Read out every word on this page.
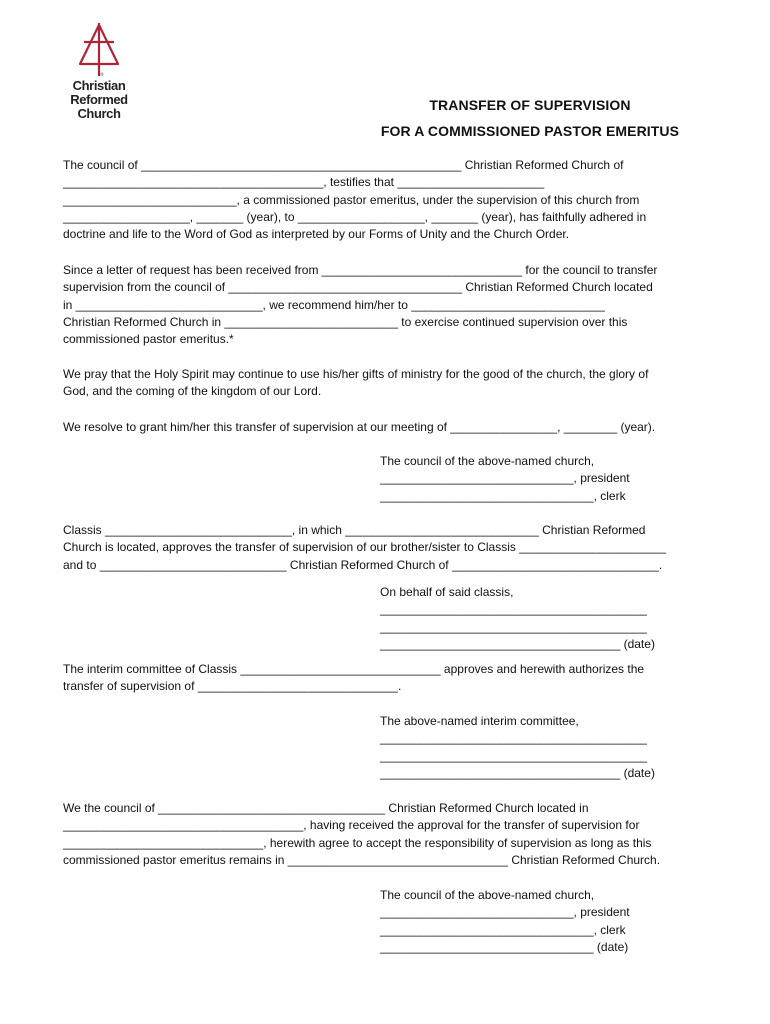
®
Christian
Reformed
Church
TRANSFER OF SUPERVISION
FOR A COMMISSIONED PASTOR EMERITUS
The council of ________________________________________________ Christian Reformed Church of
_______________________________________, testifies that ______________________
__________________________, a commissioned pastor emeritus, under the supervision of this church from
___________________, _______ (year), to ___________________, _______ (year), has faithfully adhered in
doctrine and life to the Word of God as interpreted by our Forms of Unity and the Church Order.
Since a letter of request has been received from ______________________________ for the council to transfer
supervision from the council of ___________________________________ Christian Reformed Church located
in ____________________________, we recommend him/her to _____________________________
Christian Reformed Church in __________________________ to exercise continued supervision over this
commissioned pastor emeritus.*
We pray that the Holy Spirit may continue to use his/her gifts of ministry for the good of the church, the glory of
God, and the coming of the kingdom of our Lord.
We resolve to grant him/her this transfer of supervision at our meeting of ________________, ________ (year).
The council of the above-named church,
_____________________________, president
________________________________, clerk
Classis ____________________________, in which _____________________________ Christian Reformed
Church is located, approves the transfer of supervision of our brother/sister to Classis ______________________
and to ____________________________ Christian Reformed Church of _______________________________.
On behalf of said classis,
________________________________________
________________________________________
____________________________________ (date)
The interim committee of Classis ______________________________ approves and herewith authorizes the
transfer of supervision of ______________________________.
The above-named interim committee,
________________________________________
________________________________________
____________________________________ (date)
We the council of __________________________________ Christian Reformed Church located in
____________________________________, having received the approval for the transfer of supervision for
______________________________, herewith agree to accept the responsibility of supervision as long as this
commissioned pastor emeritus remains in _________________________________ Christian Reformed Church.
The council of the above-named church,
_____________________________, president
________________________________, clerk
________________________________ (date)
